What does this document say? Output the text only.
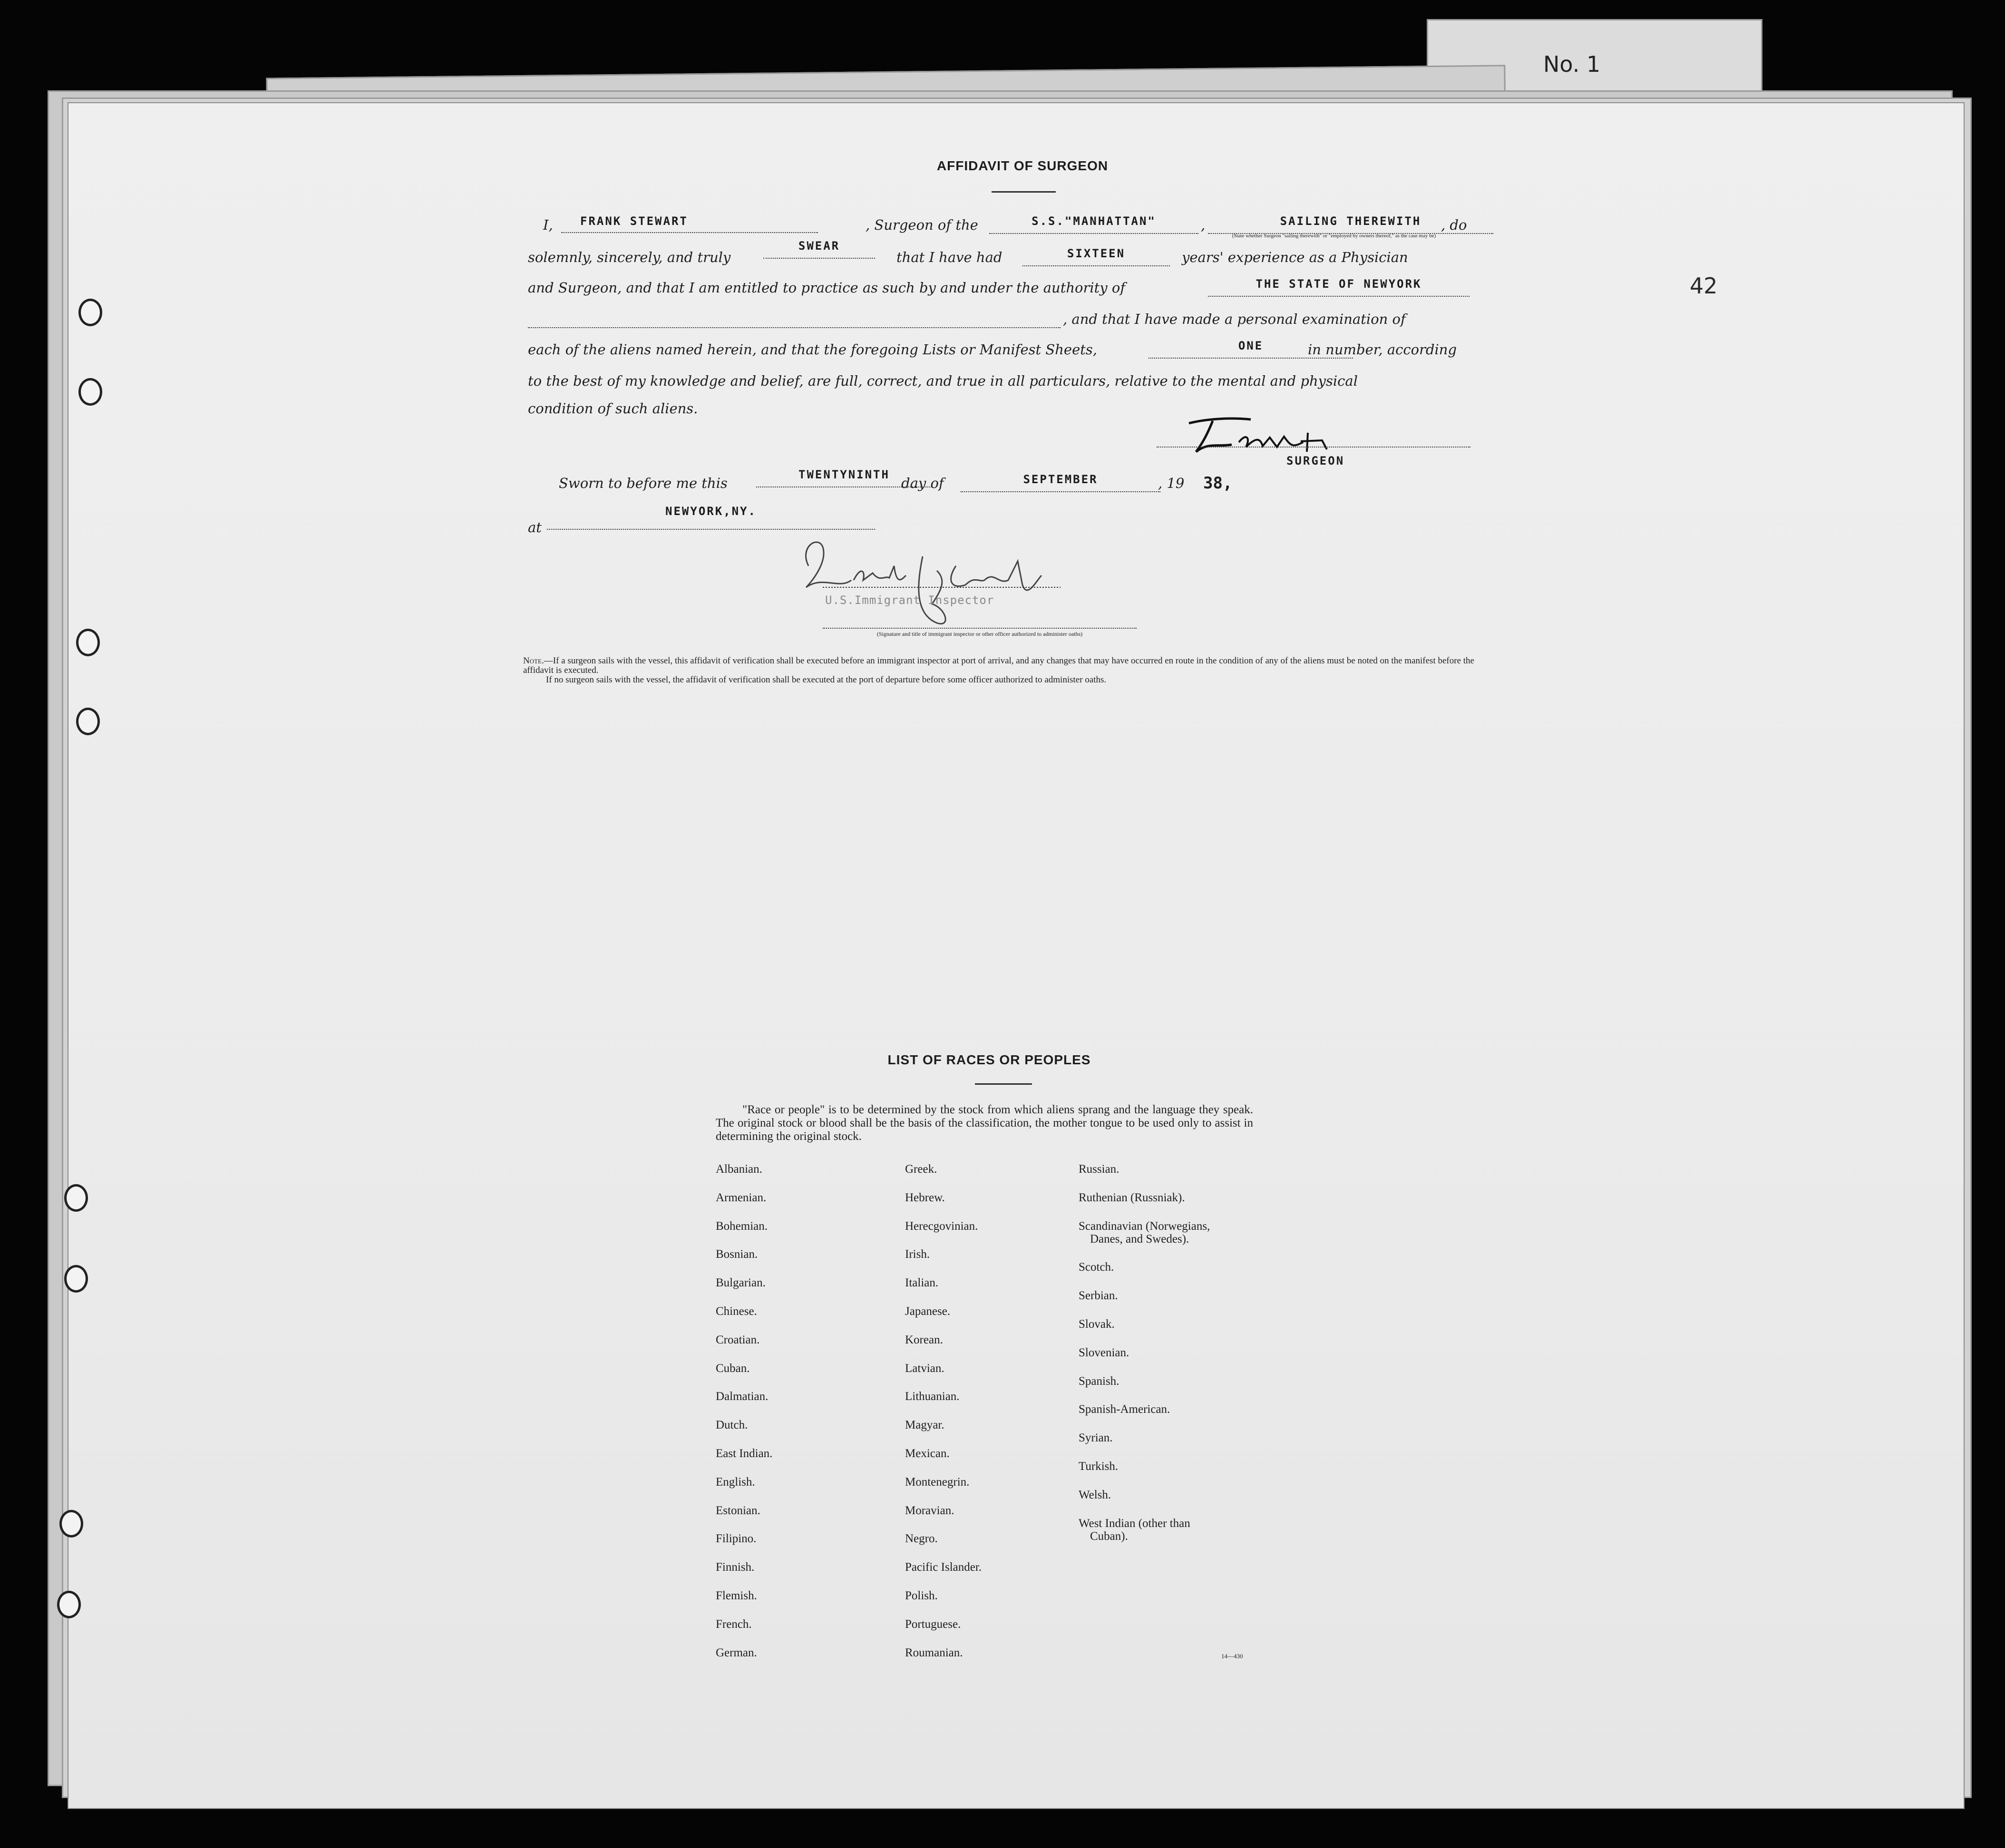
No. 1
42
AFFIDAVIT OF SURGEON
I,	FRANK STEWART	, Surgeon of the	S.S."MANHATTAN"	,	SAILING THEREWITH	, do
(State whether Surgeon "sailing therewith" or "employed by owners thereof," as the case may be)
solemnly, sincerely, and truly
SWEAR
that I have had	SIXTEEN	years' experience as a Physician
and Surgeon, and that I am entitled to practice as such by and under the authority of	THE STATE OF NEWYORK
, and that I have made a personal examination of
each of the aliens named herein, and that the foregoing Lists or Manifest Sheets,	ONE	in number, according
to the best of my knowledge and belief, are full, correct, and true in all particulars, relative to the mental and physical
condition of such aliens.
SURGEON
Sworn to before me this
TWENTYNINTH
day of	SEPTEMBER	, 19 38,
at
NEWYORK,NY.
U.S.Immigrant Inspector
(Signature and title of immigrant inspector or other officer authorized to administer oaths)

Note.—If a surgeon sails with the vessel, this affidavit of verification shall be executed before an immigrant inspector at port of arrival, and any changes that may have occurred en route in the condition of any of the aliens must be noted on the manifest before the affidavit is executed.

If no surgeon sails with the vessel, the affidavit of verification shall be executed at the port of departure before some officer authorized to administer oaths.

LIST OF RACES OR PEOPLES
"Race or people" is to be determined by the stock from which aliens sprang and the language they speak. The original stock or blood shall be the basis of the classification, the mother tongue to be used only to assist in determining the original stock.
Albanian.
Armenian.
Bohemian.
Bosnian.
Bulgarian.
Chinese.
Croatian.
Cuban.
Dalmatian.
Dutch.
East Indian.
English.
Estonian.
Filipino.
Finnish.
Flemish.
French.
German.
Greek.
Hebrew.
Herecgovinian.
Irish.
Italian.
Japanese.
Korean.
Latvian.
Lithuanian.
Magyar.
Mexican.
Montenegrin.
Moravian.
Negro.
Pacific Islander.
Polish.
Portuguese.
Roumanian.
Russian.
Ruthenian (Russniak).
Scandinavian (Norwegians,
Danes, and Swedes).
Scotch.
Serbian.
Slovak.
Slovenian.
Spanish.
Spanish-American.
Syrian.
Turkish.
Welsh.
West Indian (other than
Cuban).
14—430
